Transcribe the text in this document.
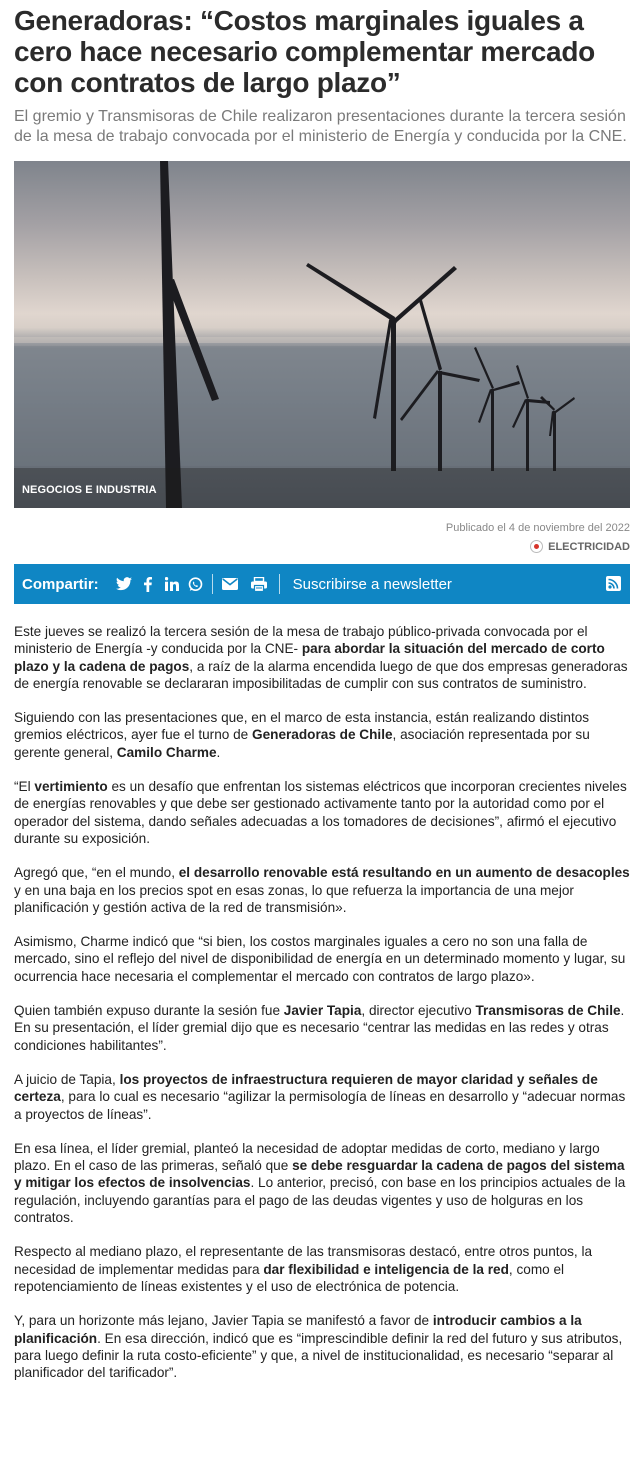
Generadoras: “Costos marginales iguales a cero hace necesario complementar mercado con contratos de largo plazo”

El gremio y Transmisoras de Chile realizaron presentaciones durante la tercera sesión de la mesa de trabajo convocada por el ministerio de Energía y conducida por la CNE.

NEGOCIOS E INDUSTRIA
Publicado el 4 de noviembre del 2022
ELECTRICIDAD
Compartir:	Suscribirse a newsletter

Este jueves se realizó la tercera sesión de la mesa de trabajo público-privada convocada por el ministerio de Energía -y conducida por la CNE- para abordar la situación del mercado de corto plazo y la cadena de pagos, a raíz de la alarma encendida luego de que dos empresas generadoras de energía renovable se declararan imposibilitadas de cumplir con sus contratos de suministro.

Siguiendo con las presentaciones que, en el marco de esta instancia, están realizando distintos gremios eléctricos, ayer fue el turno de Generadoras de Chile, asociación representada por su gerente general, Camilo Charme.

“El vertimiento es un desafío que enfrentan los sistemas eléctricos que incorporan crecientes niveles de energías renovables y que debe ser gestionado activamente tanto por la autoridad como por el operador del sistema, dando señales adecuadas a los tomadores de decisiones”, afirmó el ejecutivo durante su exposición.

Agregó que, “en el mundo, el desarrollo renovable está resultando en un aumento de desacoples y en una baja en los precios spot en esas zonas, lo que refuerza la importancia de una mejor planificación y gestión activa de la red de transmisión».

Asimismo, Charme indicó que “si bien, los costos marginales iguales a cero no son una falla de mercado, sino el reflejo del nivel de disponibilidad de energía en un determinado momento y lugar, su ocurrencia hace necesaria el complementar el mercado con contratos de largo plazo».

Quien también expuso durante la sesión fue Javier Tapia, director ejecutivo Transmisoras de Chile. En su presentación, el líder gremial dijo que es necesario “centrar las medidas en las redes y otras condiciones habilitantes”.

A juicio de Tapia, los proyectos de infraestructura requieren de mayor claridad y señales de certeza, para lo cual es necesario “agilizar la permisología de líneas en desarrollo y “adecuar normas a proyectos de líneas”.

En esa línea, el líder gremial, planteó la necesidad de adoptar medidas de corto, mediano y largo plazo. En el caso de las primeras, señaló que se debe resguardar la cadena de pagos del sistema y mitigar los efectos de insolvencias. Lo anterior, precisó, con base en los principios actuales de la regulación, incluyendo garantías para el pago de las deudas vigentes y uso de holguras en los contratos.

Respecto al mediano plazo, el representante de las transmisoras destacó, entre otros puntos, la necesidad de implementar medidas para dar flexibilidad e inteligencia de la red, como el repotenciamiento de líneas existentes y el uso de electrónica de potencia.

Y, para un horizonte más lejano, Javier Tapia se manifestó a favor de introducir cambios a la planificación. En esa dirección, indicó que es “imprescindible definir la red del futuro y sus atributos, para luego definir la ruta costo-eficiente” y que, a nivel de institucionalidad, es necesario “separar al planificador del tarificador”.
